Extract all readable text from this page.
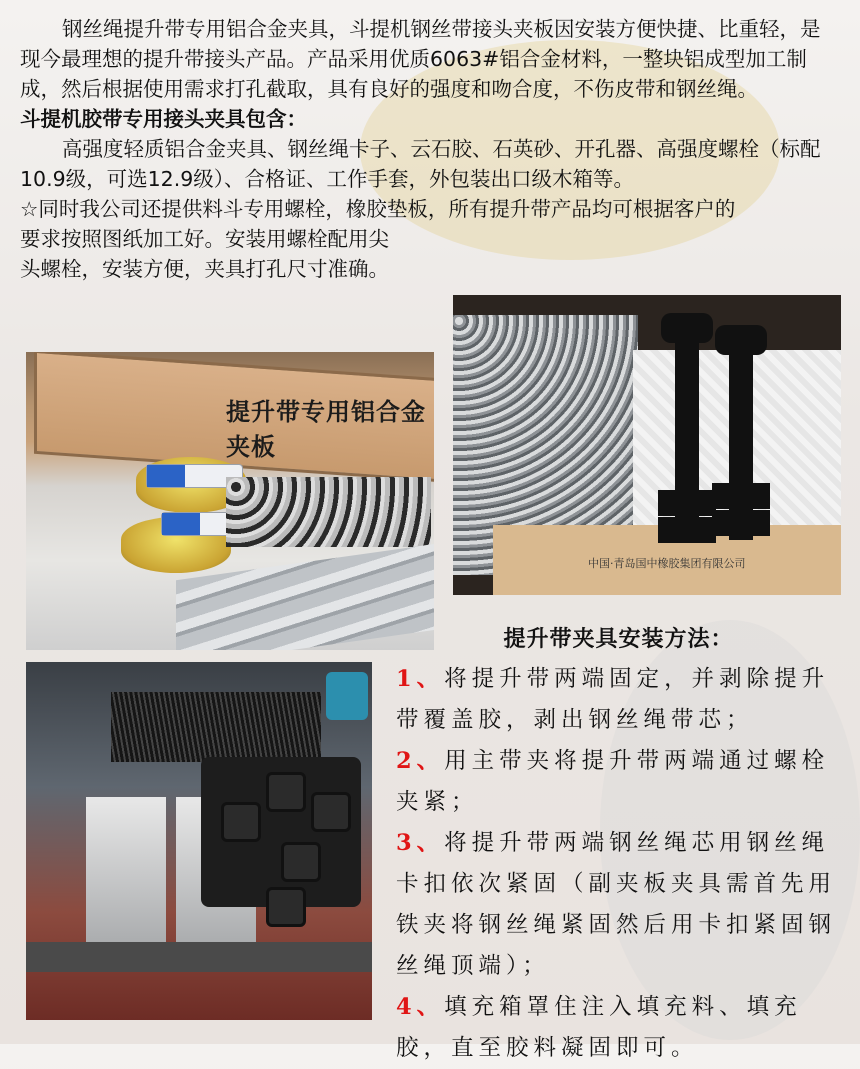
钢丝绳提升带专用铝合金夹具，斗提机钢丝带接头夹板因安装方便快捷、比重轻，是现今最理想的提升带接头产品。产品采用优质6063#铝合金材料，一整块铝成型加工制成，然后根据使用需求打孔截取，具有良好的强度和吻合度，不伤皮带和钢丝绳。

斗提机胶带专用接头夹具包含：

高强度轻质铝合金夹具、钢丝绳卡子、云石胶、石英砂、开孔器、高强度螺栓（标配10.9级，可选12.9级）、合格证、工作手套，外包装出口级木箱等。

☆同时我公司还提供料斗专用螺栓，橡胶垫板，所有提升带产品均可根据客户的

要求按照图纸加工好。安装用螺栓配用尖

头螺栓，安装方便，夹具打孔尺寸准确。

提升带专用铝合金夹板
中国·青岛国中橡胶集团有限公司

提升带夹具安装方法：

1、将提升带两端固定，并剥除提升带覆盖胶，剥出钢丝绳带芯；

2、用主带夹将提升带两端通过螺栓夹紧；

3、将提升带两端钢丝绳芯用钢丝绳卡扣依次紧固（副夹板夹具需首先用铁夹将钢丝绳紧固然后用卡扣紧固钢丝绳顶端）；

4、填充箱罩住注入填充料、填充胶，直至胶料凝固即可。
